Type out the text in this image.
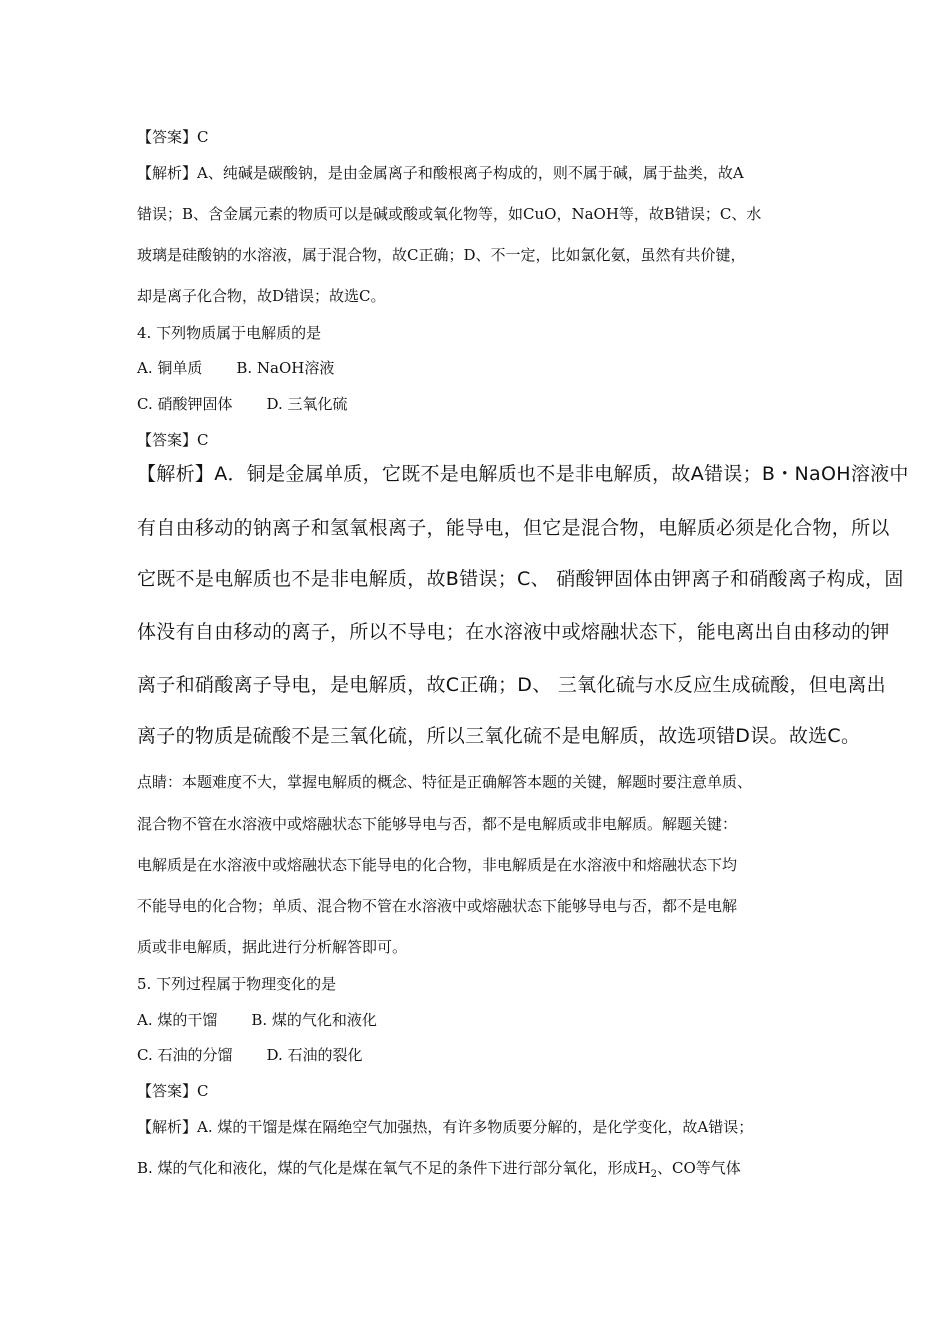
【答案】C
【解析】A、纯碱是碳酸钠，是由金属离子和酸根离子构成的，则不属于碱，属于盐类，故A
错误；B、含金属元素的物质可以是碱或酸或氧化物等，如CuO，NaOH等，故B错误；C、水
玻璃是硅酸钠的水溶液，属于混合物，故C正确；D、不一定，比如氯化氨，虽然有共价键，
却是离子化合物，故D错误；故选C。
4. 下列物质属于电解质的是
A. 铜单质 B. NaOH溶液
C. 硝酸钾固体 D. 三氧化硫
【答案】C
【解析】A．铜是金属单质，它既不是电解质也不是非电解质，故A错误；B・NaOH溶液中
有自由移动的钠离子和氢氧根离子，能导电，但它是混合物，电解质必须是化合物，所以
它既不是电解质也不是非电解质，故B错误；C、 硝酸钾固体由钾离子和硝酸离子构成，固
体没有自由移动的离子，所以不导电；在水溶液中或熔融状态下，能电离出自由移动的钾
离子和硝酸离子导电，是电解质，故C正确；D、 三氧化硫与水反应生成硫酸，但电离出
离子的物质是硫酸不是三氧化硫，所以三氧化硫不是电解质，故选项错D误。故选C。
点睛：本题难度不大，掌握电解质的概念、特征是正确解答本题的关键，解题时要注意单质、
混合物不管在水溶液中或熔融状态下能够导电与否，都不是电解质或非电解质。解题关键：
电解质是在水溶液中或熔融状态下能导电的化合物，非电解质是在水溶液中和熔融状态下均
不能导电的化合物；单质、混合物不管在水溶液中或熔融状态下能够导电与否，都不是电解
质或非电解质，据此进行分析解答即可。
5. 下列过程属于物理变化的是
A. 煤的干馏 B. 煤的气化和液化
C. 石油的分馏 D. 石油的裂化
【答案】C
【解析】A. 煤的干馏是煤在隔绝空气加强热，有许多物质要分解的，是化学变化，故A错误；
B. 煤的气化和液化，煤的气化是煤在氧气不足的条件下进行部分氧化，形成$H_2$、CO等气体
